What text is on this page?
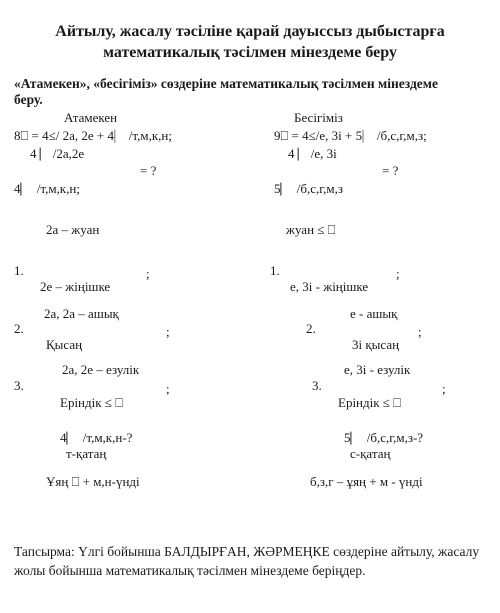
Айтылу, жасалу тәсіліне қарай дауыссыз дыбыстарға
математикалық тәсілмен мінездеме беру
«Атамекен», «бесігіміз» сөздеріне математикалық тәсілмен мінездеме
беру.
Атамекен
8⎕ = 4≤/ 2а, 2е + 4⎸ /т,м,к,н;
4 ⎸/2а,2е
= ?
4⎸ /т,м,к,н;
2а – жуан
1.	;
2е – жіңішке
2а, 2а – ашық
2.	;
Қысаң
2а, 2е – езулік
3.	;
Еріндік ≤ ⎕
4⎸ /т,м,к,н-?
т-қатаң
Ұяң ⎕ + м,н-үнді
Бесігіміз
9⎕ = 4≤/е, 3і + 5⎸ /б,с,г,м,з;
4 ⎸/е, 3і
= ?
5⎸ /б,с,г,м,з
жуан ≤ ⎕
1.	;
е, 3і - жіңішке
е - ашық
2.	;
3і қысаң
е, 3і - езулік
3.	;
Еріндік ≤ ⎕
5⎸ /б,с,г,м,з-?
с-қатаң
б,з,г – ұяң + м - үнді
Тапсырма: Үлгі бойынша БАЛДЫРҒАН, ЖӘРМЕҢКЕ сөздеріне айтылу, жасалу жолы бойынша математикалық тәсілмен мінездеме беріңдер.
